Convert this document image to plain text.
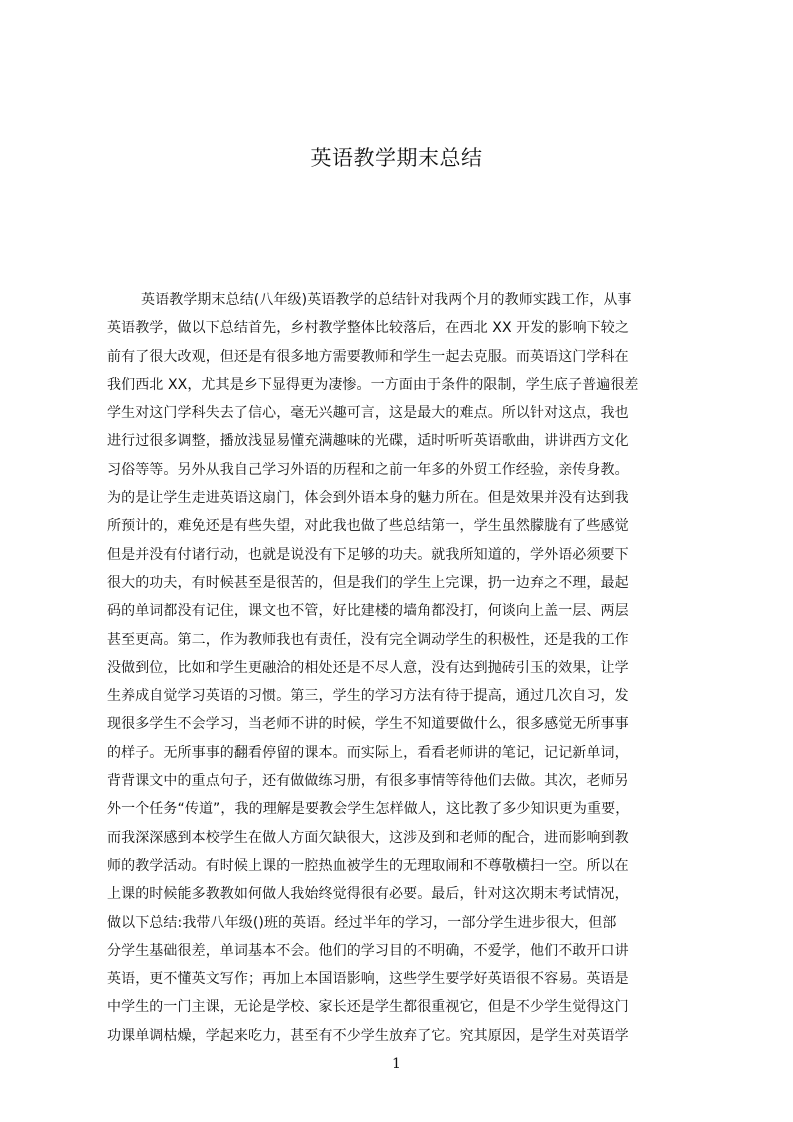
英语教学期末总结
英语教学期末总结(八年级)英语教学的总结针对我两个月的教师实践工作，从事
英语教学，做以下总结首先，乡村教学整体比较落后，在西北 XX 开发的影响下较之
前有了很大改观，但还是有很多地方需要教师和学生一起去克服。而英语这门学科在
我们西北 XX，尤其是乡下显得更为凄惨。一方面由于条件的限制，学生底子普遍很差
学生对这门学科失去了信心，毫无兴趣可言，这是最大的难点。所以针对这点，我也
进行过很多调整，播放浅显易懂充满趣味的光碟，适时听听英语歌曲，讲讲西方文化
习俗等等。另外从我自己学习外语的历程和之前一年多的外贸工作经验，亲传身教。
为的是让学生走进英语这扇门，体会到外语本身的魅力所在。但是效果并没有达到我
所预计的，难免还是有些失望，对此我也做了些总结第一，学生虽然朦胧有了些感觉
但是并没有付诸行动，也就是说没有下足够的功夫。就我所知道的，学外语必须要下
很大的功夫，有时候甚至是很苦的，但是我们的学生上完课，扔一边弃之不理，最起
码的单词都没有记住，课文也不管，好比建楼的墙角都没打，何谈向上盖一层、两层
甚至更高。第二，作为教师我也有责任，没有完全调动学生的积极性，还是我的工作
没做到位，比如和学生更融洽的相处还是不尽人意，没有达到抛砖引玉的效果，让学
生养成自觉学习英语的习惯。第三，学生的学习方法有待于提高，通过几次自习，发
现很多学生不会学习，当老师不讲的时候，学生不知道要做什么，很多感觉无所事事
的样子。无所事事的翻看停留的课本。而实际上，看看老师讲的笔记，记记新单词，
背背课文中的重点句子，还有做做练习册，有很多事情等待他们去做。其次，老师另
外一个任务“传道”，我的理解是要教会学生怎样做人，这比教了多少知识更为重要，
而我深深感到本校学生在做人方面欠缺很大，这涉及到和老师的配合，进而影响到教
师的教学活动。有时候上课的一腔热血被学生的无理取闹和不尊敬横扫一空。所以在
上课的时候能多教教如何做人我始终觉得很有必要。最后，针对这次期末考试情况，
做以下总结:我带八年级()班的英语。经过半年的学习，一部分学生进步很大，但部
分学生基础很差，单词基本不会。他们的学习目的不明确，不爱学，他们不敢开口讲
英语，更不懂英文写作；再加上本国语影响，这些学生要学好英语很不容易。英语是
中学生的一门主课，无论是学校、家长还是学生都很重视它，但是不少学生觉得这门
功课单调枯燥，学起来吃力，甚至有不少学生放弃了它。究其原因，是学生对英语学
1
